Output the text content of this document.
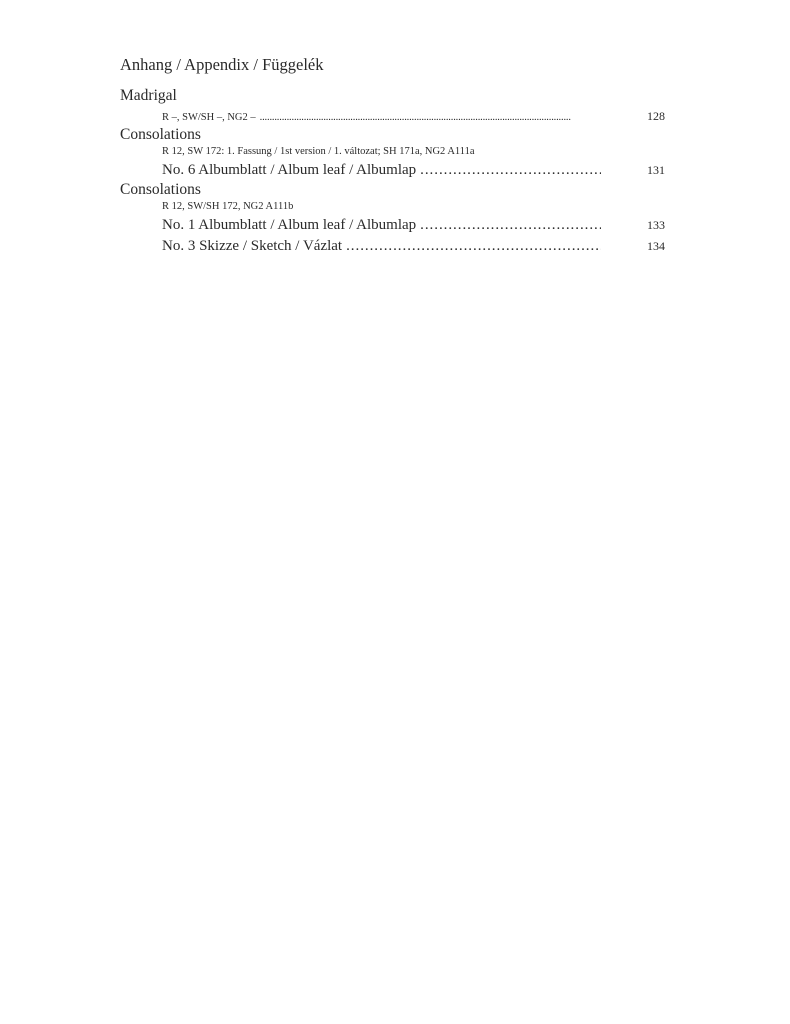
Anhang / Appendix / Függelék
Madrigal
R –, SW/SH –, NG2 – . . .	128
Consolations
R 12, SW 172: 1. Fassung / 1st version / 1. változat; SH 171a, NG2 A111a
No. 6 Albumblatt / Album leaf / Albumlap . . .	131
Consolations
R 12, SW/SH 172, NG2 A111b
No. 1 Albumblatt / Album leaf / Albumlap . . .	133
No. 3 Skizze / Sketch / Vázlat . . .	134
